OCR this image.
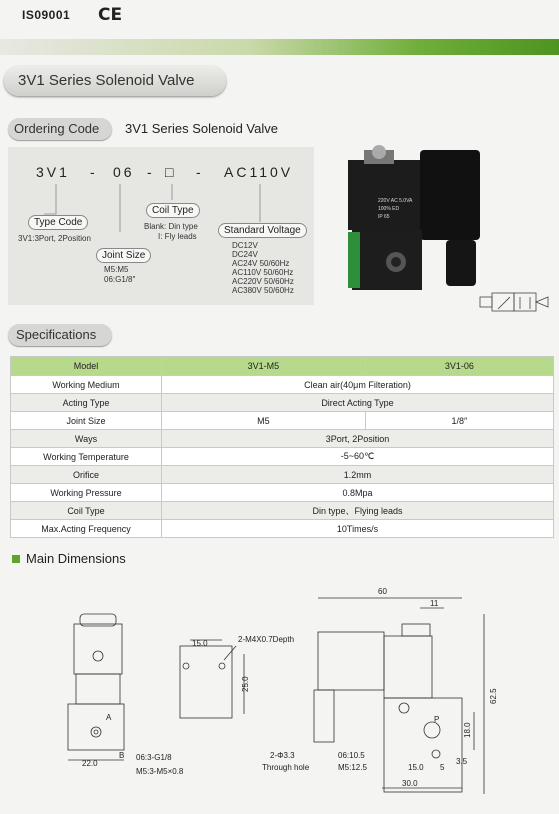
IS09001 CE
3V1 Series Solenoid Valve
Ordering Code 3V1 Series Solenoid Valve
3V1 - 06 - □ - AC110V
Type Code
3V1:3Port, 2Position
Joint Size
M5:M5
06:G1/8″
Coil Type
Blank: Din type
I: Fly leads
Standard Voltage
DC12V
DC24V
AC24V 50/60Hz
AC110V 50/60Hz
AC220V 50/60Hz
AC380V 50/60Hz
220V AC 5.0VA
100% ED
IP 65
Specifications
Model	3V1-M5	3V1-06
Working Medium	Clean air(40μm Filteration)	
Acting Type	Direct Acting Type	
Joint Size	M5	1/8″
Ways	3Port, 2Position	
Working Temperature	-5~60℃	
Orifice	1.2mm	
Working Pressure	0.8Mpa	
Coil Type	Din type、Flying leads	
Max.Acting Frequency	10Times/s	
Main Dimensions
22.0
A
B 06:3-G1/8
M5:3-M5×0.8
15.0	2-M4X0.7Depth
25.0
60
11
62.5
18.0
P
2-Φ3.3
Through hole
06:10.5
M5:12.5	15.0 5
3.5
30.0
